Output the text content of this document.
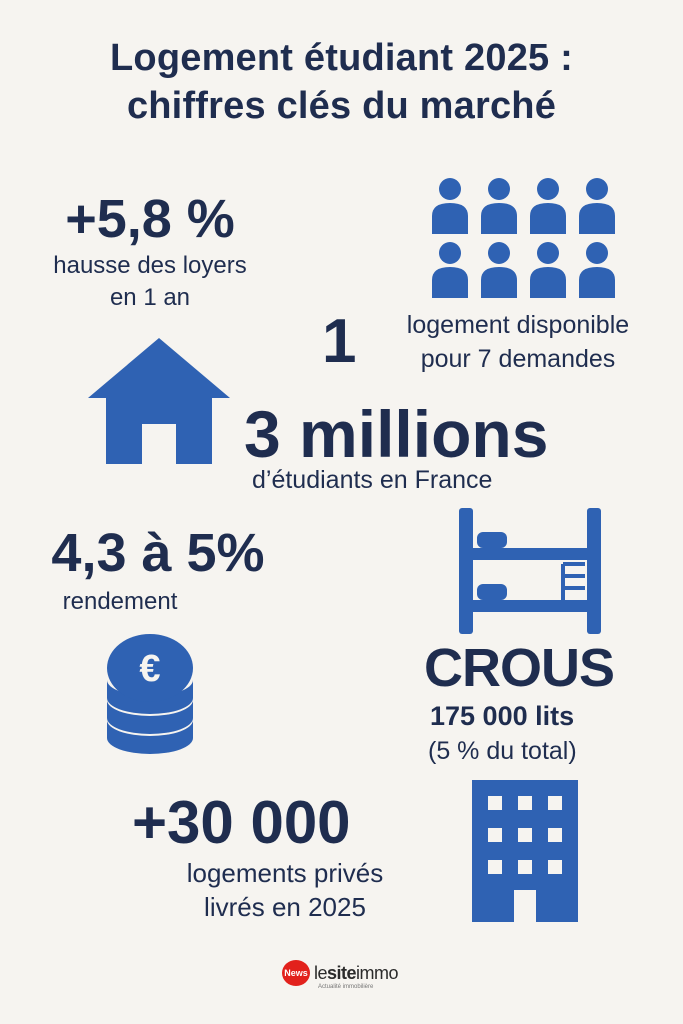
Logement étudiant 2025 :
chiffres clés du marché
+5,8 %
hausse des loyers
en 1 an
1	logement disponible
pour 7 demandes
3 millions
d’étudiants en France
4,3 à 5%
rendement
€	CROUS
175 000 lits
(5 % du total)
+30 000
logements privés
livrés en 2025
News lesiteimmo
Actualité immobilière
